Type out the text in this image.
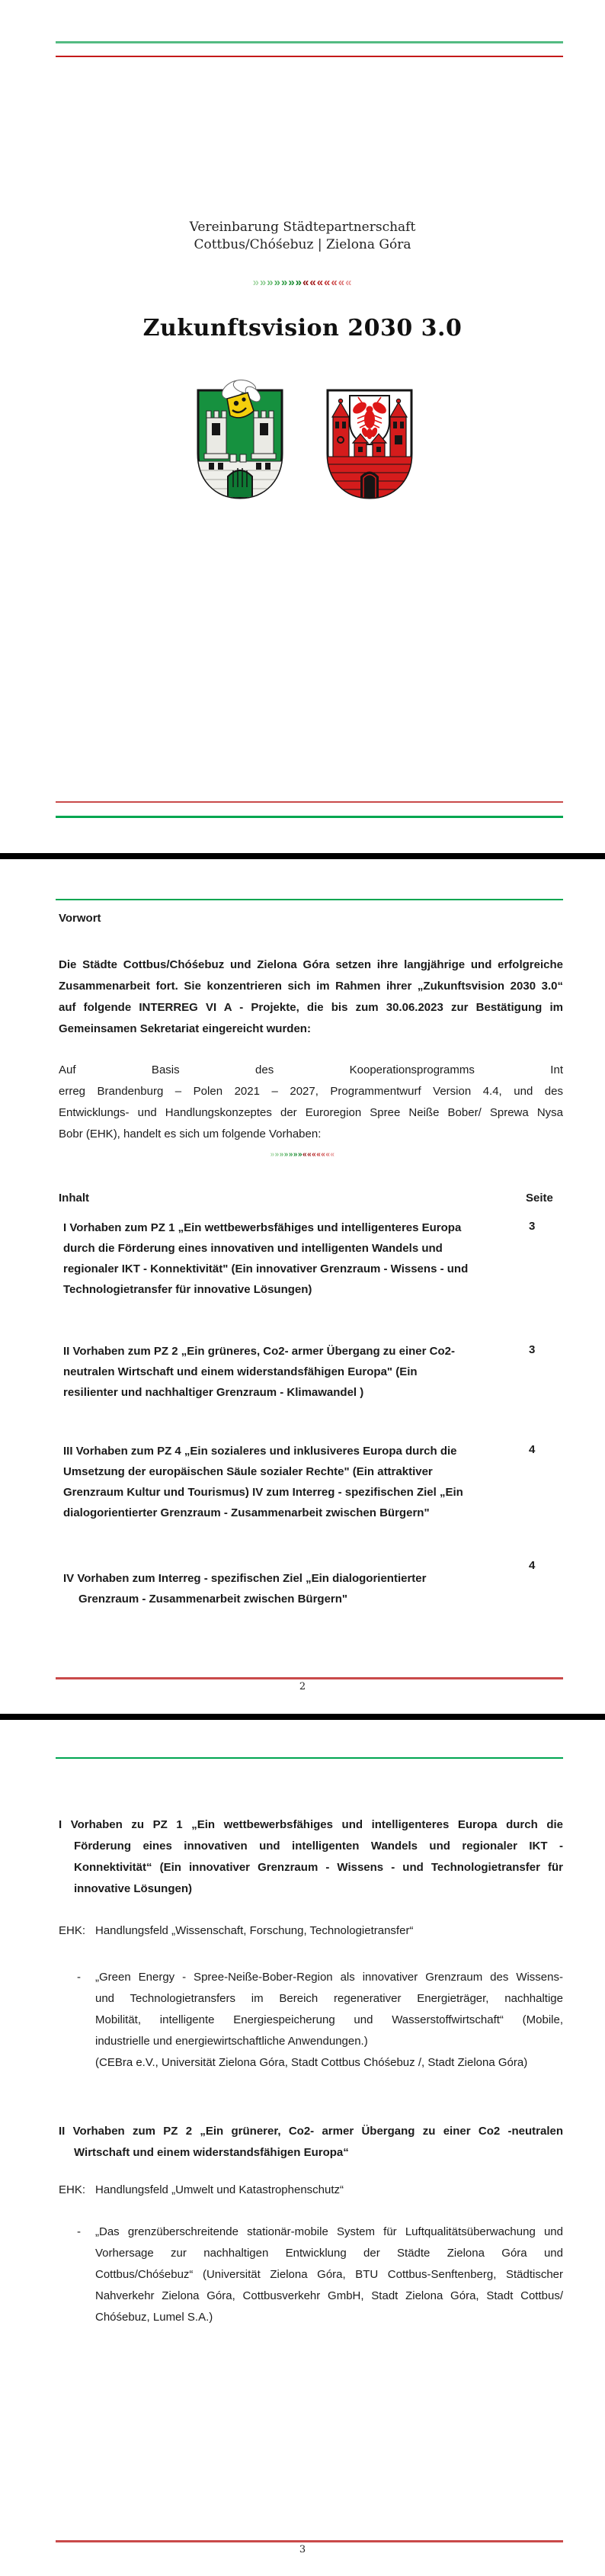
Vereinbarung Städtepartnerschaft
Cottbus/Chóśebuz | Zielona Góra
»»»»»»»«««««««
Zukunftsvision 2030 3.0
Vorwort
Die Städte Cottbus/Chóśebuz und Zielona Góra setzen ihre langjährige und erfolgreiche
Zusammenarbeit fort. Sie konzentrieren sich im Rahmen ihrer „Zukunftsvision 2030 3.0“
auf folgende INTERREG VI A - Projekte, die bis zum 30.06.2023 zur Bestätigung im
Gemeinsamen Sekretariat eingereicht wurden:
Auf Basis des Kooperationsprogramms Int
erreg Brandenburg – Polen 2021 – 2027, Programmentwurf Version 4.4, und des
Entwicklungs- und Handlungskonzeptes der Euroregion Spree Neiße Bober/ Sprewa Nysa
Bobr (EHK), handelt es sich um folgende Vorhaben:
»»»»»»»«««««««
Inhalt	Seite
I Vorhaben zum PZ 1 „Ein wettbewerbsfähiges und intelligenteres Europa
durch die Förderung eines innovativen und intelligenten Wandels und
regionaler IKT - Konnektivität" (Ein innovativer Grenzraum - Wissens - und
Technologietransfer für innovative Lösungen)
3
II Vorhaben zum PZ 2 „Ein grüneres, Co2- armer Übergang zu einer Co2-
neutralen Wirtschaft und einem widerstandsfähigen Europa" (Ein
resilienter und nachhaltiger Grenzraum - Klimawandel )
3
III Vorhaben zum PZ 4 „Ein sozialeres und inklusiveres Europa durch die
Umsetzung der europäischen Säule sozialer Rechte" (Ein attraktiver
Grenzraum Kultur und Tourismus) IV zum Interreg - spezifischen Ziel „Ein
dialogorientierter Grenzraum - Zusammenarbeit zwischen Bürgern"
4
IV Vorhaben zum Interreg - spezifischen Ziel „Ein dialogorientierter
Grenzraum - Zusammenarbeit zwischen Bürgern"
4
2
I Vorhaben zu PZ 1 „Ein wettbewerbsfähiges und intelligenteres Europa durch die
Förderung eines innovativen und intelligenten Wandels und regionaler IKT -
Konnektivität“ (Ein innovativer Grenzraum - Wissens - und Technologietransfer für
innovative Lösungen)
EHK: Handlungsfeld „Wissenschaft, Forschung, Technologietransfer“
-	„Green Energy - Spree-Neiße-Bober-Region als innovativer Grenzraum des Wissens-
und Technologietransfers im Bereich regenerativer Energieträger, nachhaltige
Mobilität, intelligente Energiespeicherung und Wasserstoffwirtschaft“ (Mobile,
industrielle und energiewirtschaftliche Anwendungen.)
(CEBra e.V., Universität Zielona Góra, Stadt Cottbus Chóśebuz /, Stadt Zielona Góra)
II Vorhaben zum PZ 2 „Ein grünerer, Co2- armer Übergang zu einer Co2 -neutralen
Wirtschaft und einem widerstandsfähigen Europa“
EHK: Handlungsfeld „Umwelt und Katastrophenschutz“
-	„Das grenzüberschreitende stationär-mobile System für Luftqualitätsüberwachung und
Vorhersage zur nachhaltigen Entwicklung der Städte Zielona Góra und
Cottbus/Chóśebuz“ (Universität Zielona Góra, BTU Cottbus-Senftenberg, Städtischer
Nahverkehr Zielona Góra, Cottbusverkehr GmbH, Stadt Zielona Góra, Stadt Cottbus/
Chóśebuz, Lumel S.A.)
3
